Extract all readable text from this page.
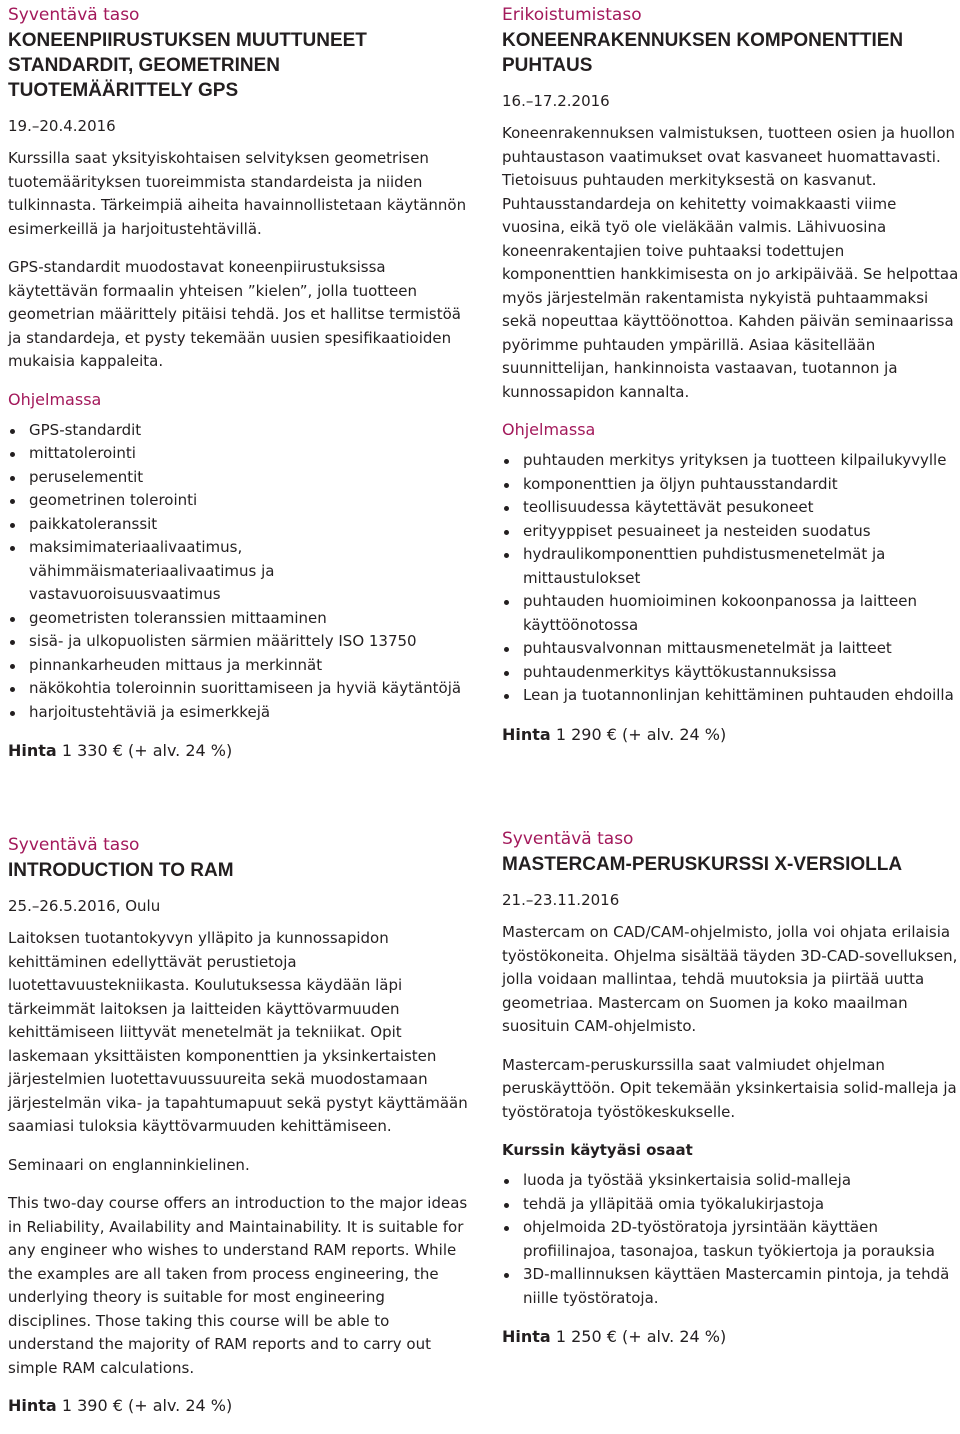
Syventävä taso
KONEENPIIRUSTUKSEN MUUTTUNEET STANDARDIT, GEOMETRINEN TUOTEMÄÄRITTELY GPS
19.–20.4.2016

Kurssilla saat yksityiskohtaisen selvityksen geometrisen tuotemäärityksen tuoreimmista standardeista ja niiden tulkinnasta. Tärkeimpiä aiheita havainnollistetaan käytännön esimerkeillä ja harjoitustehtävillä.

GPS-standardit muodostavat koneenpiirustuksissa käytettävän formaalin yhteisen ”kielen”, jolla tuotteen geometrian määrittely pitäisi tehdä. Jos et hallitse termistöä ja standardeja, et pysty tekemään uusien spesifikaatioiden mukaisia kappaleita.

Ohjelmassa
GPS-standardit
mittatolerointi
peruselementit
geometrinen tolerointi
paikkatoleranssit
maksimimateriaalivaatimus, vähimmäismateriaalivaatimus ja vastavuoroisuusvaatimus
geometristen toleranssien mittaaminen
sisä- ja ulkopuolisten särmien määrittely ISO 13750
pinnankarheuden mittaus ja merkinnät
näkökohtia toleroinnin suorittamiseen ja hyviä käytäntöjä
harjoitustehtäviä ja esimerkkejä
Hinta 1 330 € (+ alv. 24 %)
Erikoistumistaso
KONEENRAKENNUKSEN KOMPONENTTIEN PUHTAUS
16.–17.2.2016

Koneenrakennuksen valmistuksen, tuotteen osien ja huollon puhtaustason vaatimukset ovat kasvaneet huomattavasti. Tietoisuus puhtauden merkityksestä on kasvanut. Puhtausstandardeja on kehitetty voimakkaasti viime vuosina, eikä työ ole vieläkään valmis. Lähivuosina koneenrakentajien toive puhtaaksi todettujen komponenttien hankkimisesta on jo arkipäivää. Se helpottaa myös järjestelmän rakentamista nykyistä puhtaammaksi sekä nopeuttaa käyttöönottoa. Kahden päivän seminaarissa pyörimme puhtauden ympärillä. Asiaa käsitellään suunnittelijan, hankinnoista vastaavan, tuotannon ja kunnossapidon kannalta.

Ohjelmassa
puhtauden merkitys yrityksen ja tuotteen kilpailukyvylle
komponenttien ja öljyn puhtausstandardit
teollisuudessa käytettävät pesukoneet
erityyppiset pesuaineet ja nesteiden suodatus
hydraulikomponenttien puhdistusmenetelmät ja mittaustulokset
puhtauden huomioiminen kokoonpanossa ja laitteen käyttöönotossa
puhtausvalvonnan mittausmenetelmät ja laitteet
puhtaudenmerkitys käyttökustannuksissa
Lean ja tuotannonlinjan kehittäminen puhtauden ehdoilla
Hinta 1 290 € (+ alv. 24 %)
Syventävä taso
INTRODUCTION TO RAM
25.–26.5.2016, Oulu

Laitoksen tuotantokyvyn ylläpito ja kunnossapidon kehittäminen edellyttävät perustietoja luotettavuustekniikasta. Koulutuksessa käydään läpi tärkeimmät laitoksen ja laitteiden käyttövarmuuden kehittämiseen liittyvät menetelmät ja tekniikat. Opit laskemaan yksittäisten komponenttien ja yksinkertaisten järjestelmien luotettavuussuureita sekä muodostamaan järjestelmän vika- ja tapahtumapuut sekä pystyt käyttämään saamiasi tuloksia käyttövarmuuden kehittämiseen.

Seminaari on englanninkielinen.

This two-day course offers an introduction to the major ideas in Reliability, Availability and Maintainability. It is suitable for any engineer who wishes to understand RAM reports. While the examples are all taken from process engineering, the underlying theory is suitable for most engineering disciplines. Those taking this course will be able to understand the majority of RAM reports and to carry out simple RAM calculations.

Hinta 1 390 € (+ alv. 24 %)
Syventävä taso
MASTERCAM-PERUSKURSSI X-VERSIOLLA
21.–23.11.2016

Mastercam on CAD/CAM-ohjelmisto, jolla voi ohjata erilaisia työstökoneita. Ohjelma sisältää täyden 3D-CAD-sovelluksen, jolla voidaan mallintaa, tehdä muutoksia ja piirtää uutta geometriaa. Mastercam on Suomen ja koko maailman suosituin CAM-ohjelmisto.

Mastercam-peruskurssilla saat valmiudet ohjelman peruskäyttöön. Opit tekemään yksinkertaisia solid-malleja ja työstöratoja työstökeskukselle.

Kurssin käytyäsi osaat
luoda ja työstää yksinkertaisia solid-malleja
tehdä ja ylläpitää omia työkalukirjastoja
ohjelmoida 2D-työstöratoja jyrsintään käyttäen profiilinajoa, tasonajoa, taskun työkiertoja ja porauksia
3D-mallinnuksen käyttäen Mastercamin pintoja, ja tehdä niille työstöratoja.
Hinta 1 250 € (+ alv. 24 %)
